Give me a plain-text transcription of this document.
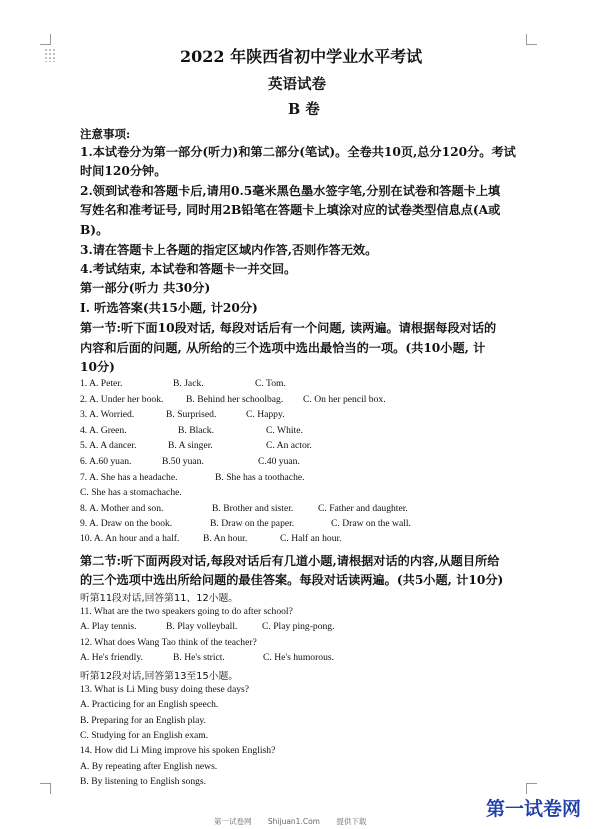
2022 年陕西省初中学业水平考试
英语试卷
B 卷
注意事项:
1.本试卷分为第一部分(听力)和第二部分(笔试)。全卷共10页,总分120分。考试
时间120分钟。
2.领到试卷和答题卡后,请用0.5毫米黑色墨水签字笔,分别在试卷和答题卡上填
写姓名和准考证号, 同时用2B铅笔在答题卡上填涂对应的试卷类型信息点(A或
B)。
3.请在答题卡上各题的指定区域内作答,否则作答无效。
4.考试结束, 本试卷和答题卡一并交回。
第一部分(听力 共30分)
I. 听选答案(共15小题, 计20分)
第一节:听下面10段对话, 每段对话后有一个问题, 读两遍。请根据每段对话的
内容和后面的问题, 从所给的三个选项中选出最恰当的一项。(共10小题, 计
10分)
1. A. Peter.	B. Jack.	C. Tom.
2. A. Under her book. B. Behind her schoolbag. C. On her pencil box.
3. A. Worried.	B. Surprised.	C. Happy.
4. A. Green.	B. Black.	C. White.
5. A. A dancer.	B. A singer.	C. An actor.
6. A.60 yuan.	B.50 yuan.	C.40 yuan.
7. A. She has a headache.	B. She has a toothache.
C. She has a stomachache.
8. A. Mother and son.	B. Brother and sister.	C. Father and daughter.
9. A. Draw on the book.	B. Draw on the paper.	C. Draw on the wall.
10. A. An hour and a half. B. An hour.	C. Half an hour.
第二节:听下面两段对话,每段对话后有几道小题,请根据对话的内容,从题目所给
的三个选项中选出所给问题的最佳答案。每段对话读两遍。(共5小题, 计10分)
听第11段对话,回答第11、12小题。
11. What are the two speakers going to do after school?
A. Play tennis.	B. Play volleyball.	C. Play ping-pong.
12. What does Wang Tao think of the teacher?
A. He's friendly.	B. He's strict.	C. He's humorous.
听第12段对话,回答第13至15小题。
13. What is Li Ming busy doing these days?
A. Practicing for an English speech.
B. Preparing for an English play.
C. Studying for an English exam.
14. How did Li Ming improve his spoken English?
A. By repeating after English news.
B. By listening to English songs.
第一试卷网
第一试卷网 Shijuan1.Com 提供下载
